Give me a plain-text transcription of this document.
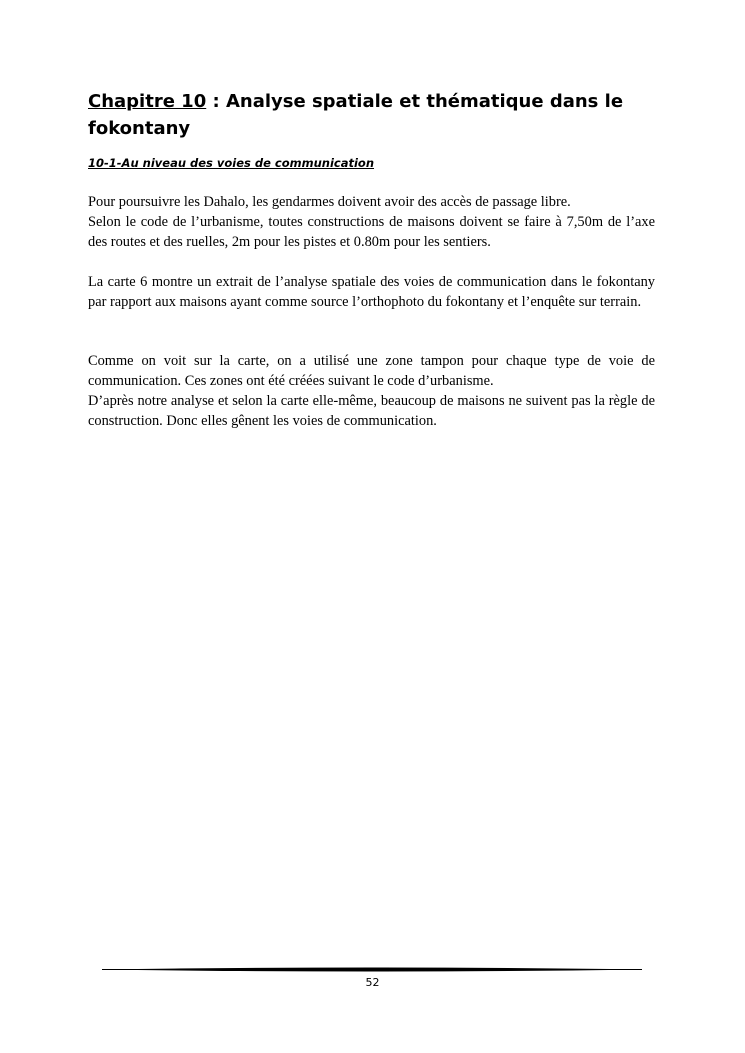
Chapitre 10 : Analyse spatiale et thématique dans le fokontany
10-1-Au niveau des voies de communication

Pour poursuivre les Dahalo, les gendarmes doivent avoir des accès de passage libre.
Selon le code de l’urbanisme, toutes constructions de maisons doivent se faire à 7,50m de l’axe des routes et des ruelles, 2m pour les pistes et 0.80m pour les sentiers.

La carte 6 montre un extrait de l’analyse spatiale des voies de communication dans le fokontany par rapport aux maisons ayant comme source l’orthophoto du fokontany et l’enquête sur terrain.

Comme on voit sur la carte, on a utilisé une zone tampon pour chaque type de voie de communication. Ces zones ont été créées suivant le code d’urbanisme.
D’après notre analyse et selon la carte elle-même, beaucoup de maisons ne suivent pas la règle de construction. Donc elles gênent les voies de communication.

52
